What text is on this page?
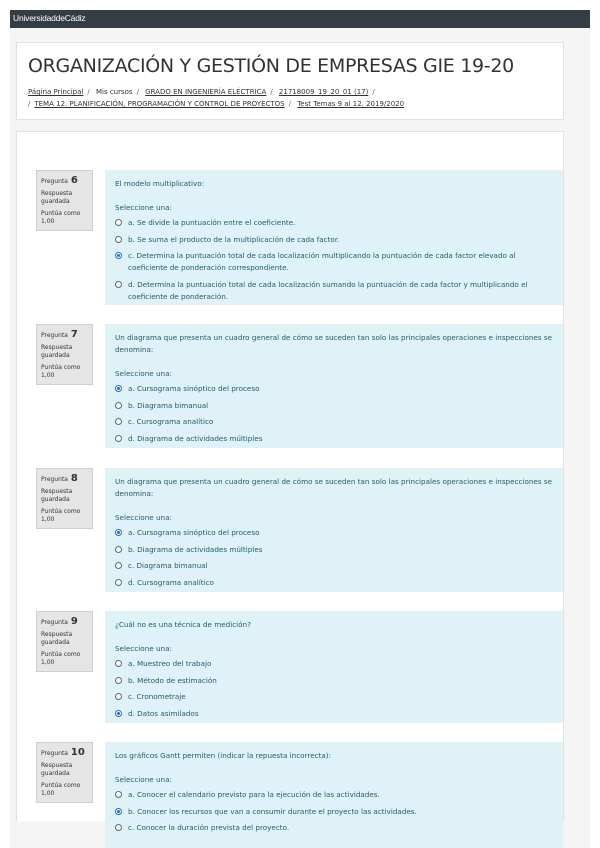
UniversidaddeCádiz
ORGANIZACIÓN Y GESTIÓN DE EMPRESAS GIE 19-20
Página Principal / Mis cursos / GRADO EN INGENIERÍA ELÉCTRICA / 21718009_19_20_01 (17) /
/ TEMA 12. PLANIFICACIÓN, PROGRAMACIÓN Y CONTROL DE PROYECTOS / Test Temas 9 al 12. 2019/2020
Pregunta 6
Respuesta guardada
Puntúa como 1,00
El modelo multiplicativo:
Seleccione una:
a. Se divide la puntuación entre el coeficiente.
b. Se suma el producto de la multiplicación de cada factor.
c. Determina la puntuación total de cada localización multiplicando la puntuación de cada factor elevado al coeficiente de ponderación correspondiente.
d. Determina la puntuación total de cada localización sumando la puntuación de cada factor y multiplicando el coeficiente de ponderación.
Pregunta 7
Respuesta guardada
Puntúa como 1,00
Un diagrama que presenta un cuadro general de cómo se suceden tan solo las principales operaciones e inspecciones se denomina:
Seleccione una:
a. Cursograma sinóptico del proceso
b. Diagrama bimanual
c. Cursograma analítico
d. Diagrama de actividades múltiples
Pregunta 8
Respuesta guardada
Puntúa como 1,00
Un diagrama que presenta un cuadro general de cómo se suceden tan solo las principales operaciones e inspecciones se denomina:
Seleccione una:
a. Cursograma sinóptico del proceso
b. Diagrama de actividades múltiples
c. Diagrama bimanual
d. Cursograma analítico
Pregunta 9
Respuesta guardada
Puntúa como 1,00
¿Cuál no es una técnica de medición?
Seleccione una:
a. Muestreo del trabajo
b. Método de estimación
c. Cronometraje
d. Datos asimilados
Pregunta 10
Respuesta guardada
Puntúa como 1,00
Los gráficos Gantt permiten (indicar la repuesta incorrecta):
Seleccione una:
a. Conocer el calendario previsto para la ejecución de las actividades.
b. Conocer los recursos que van a consumir durante el proyecto las actividades.
c. Conocer la duración prevista del proyecto.
